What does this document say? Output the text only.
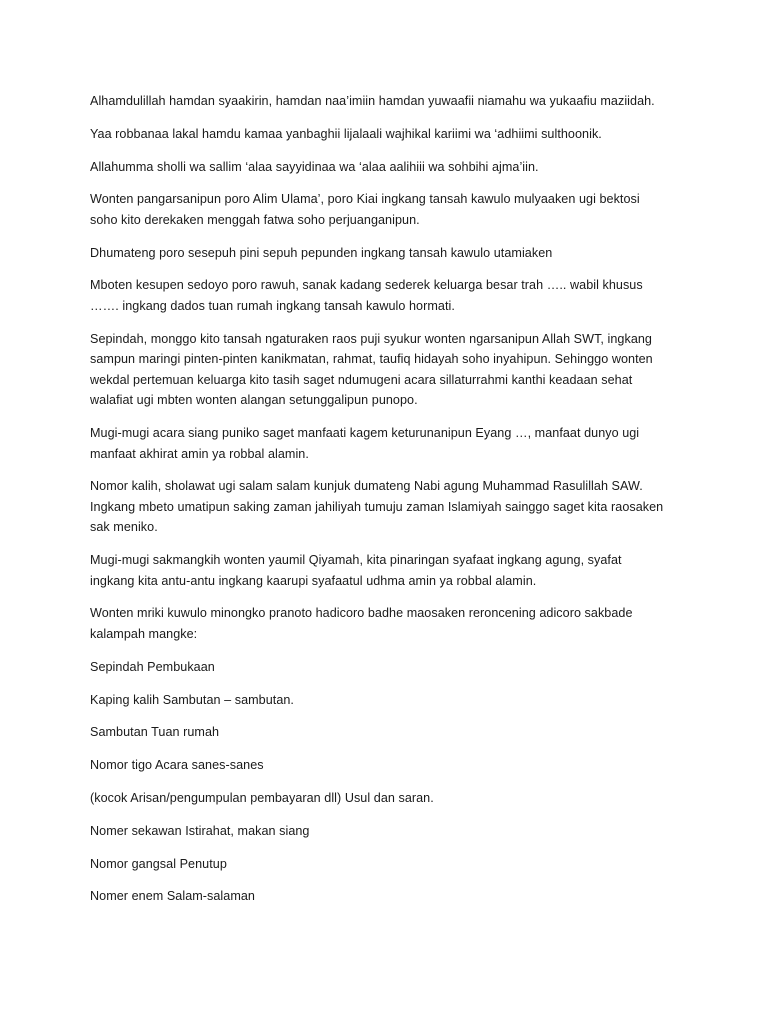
Alhamdulillah hamdan syaakirin, hamdan naa’imiin hamdan yuwaafii niamahu wa yukaafiu maziidah.

Yaa robbanaa lakal hamdu kamaa yanbaghii lijalaali wajhikal kariimi wa ‘adhiimi sulthoonik.

Allahumma sholli wa sallim ‘alaa sayyidinaa wa ‘alaa aalihiii wa sohbihi ajma’iin.

Wonten pangarsanipun poro Alim Ulama’, poro Kiai ingkang tansah kawulo mulyaaken ugi bektosi soho kito derekaken menggah fatwa soho perjuanganipun.

Dhumateng poro sesepuh pini sepuh pepunden ingkang tansah kawulo utamiaken

Mboten kesupen sedoyo poro rawuh, sanak kadang sederek keluarga besar trah ….. wabil khusus ……. ingkang dados tuan rumah ingkang tansah kawulo hormati.

Sepindah, monggo kito tansah ngaturaken raos puji syukur wonten ngarsanipun Allah SWT, ingkang sampun maringi pinten-pinten kanikmatan, rahmat, taufiq hidayah soho inyahipun. Sehinggo wonten wekdal pertemuan keluarga kito tasih saget ndumugeni acara sillaturrahmi kanthi keadaan sehat walafiat ugi mbten wonten alangan setunggalipun punopo.

Mugi-mugi acara siang puniko saget manfaati kagem keturunanipun Eyang …, manfaat dunyo ugi manfaat akhirat amin ya robbal alamin.

Nomor kalih, sholawat ugi salam salam kunjuk dumateng Nabi agung Muhammad Rasulillah SAW. Ingkang mbeto umatipun saking zaman jahiliyah tumuju zaman Islamiyah sainggo saget kita raosaken sak meniko.

Mugi-mugi sakmangkih wonten yaumil Qiyamah, kita pinaringan syafaat ingkang agung, syafat ingkang kita antu-antu ingkang kaarupi syafaatul udhma amin ya robbal alamin.

Wonten mriki kuwulo minongko pranoto hadicoro badhe maosaken reroncening adicoro sakbade kalampah mangke:

Sepindah Pembukaan

Kaping kalih Sambutan – sambutan.

Sambutan Tuan rumah

Nomor tigo Acara sanes-sanes

(kocok Arisan/pengumpulan pembayaran dll) Usul dan saran.

Nomer sekawan Istirahat, makan siang

Nomor gangsal Penutup

Nomer enem Salam-salaman
